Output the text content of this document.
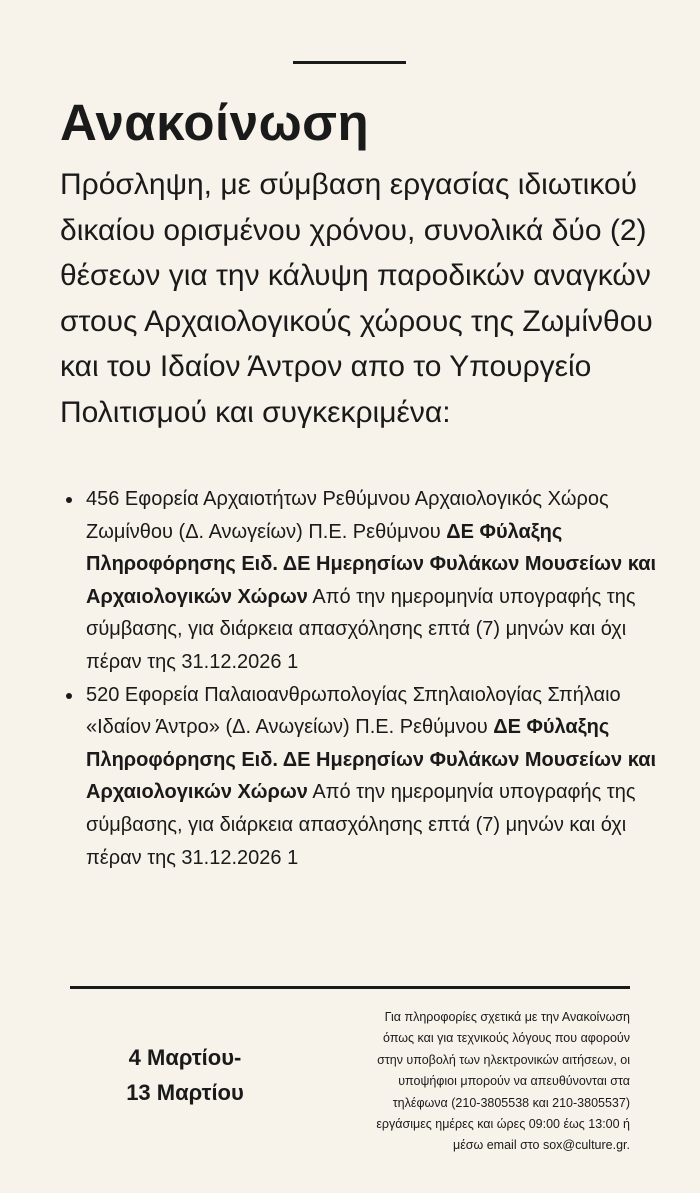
Ανακοίνωση

Πρόσληψη, με σύμβαση εργασίας ιδιωτικού δικαίου ορισμένου χρόνου, συνολικά δύο (2) θέσεων για την κάλυψη παροδικών αναγκών στους Αρχαιολογικούς χώρους της Ζωμίνθου και του Ιδαίον Άντρον απο το Υπουργείο Πολιτισμού και συγκεκριμένα:

456 Εφορεία Αρχαιοτήτων Ρεθύμνου Αρχαιολογικός Χώρος Ζωμίνθου (Δ. Ανωγείων) Π.Ε. Ρεθύμνου ΔΕ Φύλαξης Πληροφόρησης Ειδ. ΔΕ Ημερησίων Φυλάκων Μουσείων και Αρχαιολογικών Χώρων Από την ημερομηνία υπογραφής της σύμβασης, για διάρκεια απασχόλησης επτά (7) μηνών και όχι πέραν της 31.12.2026 1
520 Εφορεία Παλαιοανθρωπολογίας Σπηλαιολογίας Σπήλαιο «Ιδαίον Άντρο» (Δ. Ανωγείων) Π.Ε. Ρεθύμνου ΔΕ Φύλαξης Πληροφόρησης Ειδ. ΔΕ Ημερησίων Φυλάκων Μουσείων και Αρχαιολογικών Χώρων Από την ημερομηνία υπογραφής της σύμβασης, για διάρκεια απασχόλησης επτά (7) μηνών και όχι πέραν της 31.12.2026 1
4 Μαρτίου-
13 Μαρτίου
Για πληροφορίες σχετικά με την Ανακοίνωση
όπως και για τεχνικούς λόγους που αφορούν
στην υποβολή των ηλεκτρονικών αιτήσεων, οι
υποψήφιοι μπορούν να απευθύνονται στα
τηλέφωνα (210-3805538 και 210-3805537)
εργάσιμες ημέρες και ώρες 09:00 έως 13:00 ή
μέσω email στο sox@culture.gr.
